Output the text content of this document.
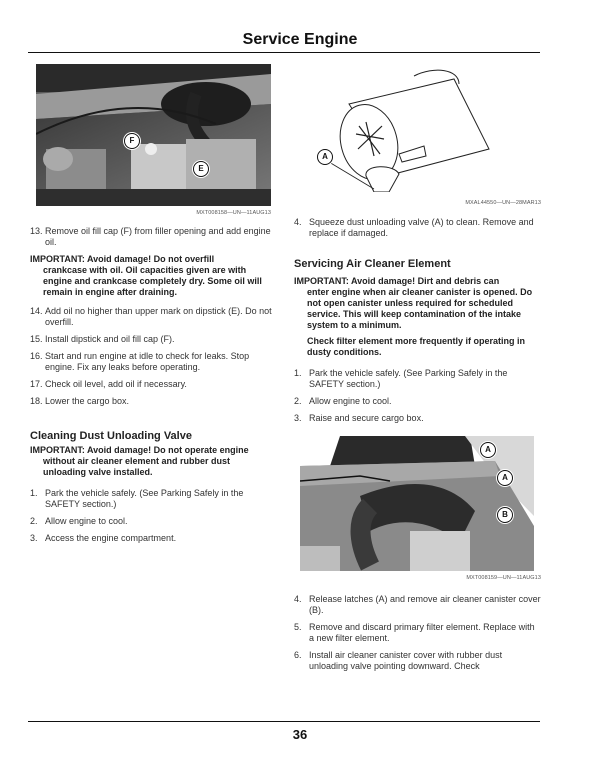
Service Engine
F
E
MXT008158—UN—11AUG13
13. Remove oil fill cap (F) from filler opening and add engine oil.
IMPORTANT: Avoid damage! Do not overfill
crankcase with oil. Oil capacities given are with engine and crankcase completely dry. Some oil will remain in engine after draining.
14. Add oil no higher than upper mark on dipstick (E). Do not overfill.
15. Install dipstick and oil fill cap (F).
16. Start and run engine at idle to check for leaks. Stop engine. Fix any leaks before operating.
17. Check oil level, add oil if necessary.
18. Lower the cargo box.
Cleaning Dust Unloading Valve
IMPORTANT: Avoid damage! Do not operate engine
without air cleaner element and rubber dust unloading valve installed.
1. Park the vehicle safely. (See Parking Safely in the SAFETY section.)
2. Allow engine to cool.
3. Access the engine compartment.
A
MXAL44550—UN—28MAR13
4. Squeeze dust unloading valve (A) to clean. Remove and replace if damaged.
Servicing Air Cleaner Element
IMPORTANT: Avoid damage! Dirt and debris can
enter engine when air cleaner canister is opened. Do not open canister unless required for scheduled service. This will keep contamination of the intake system to a minimum.
Check filter element more frequently if operating in dusty conditions.
1. Park the vehicle safely. (See Parking Safely in the SAFETY section.)
2. Allow engine to cool.
3. Raise and secure cargo box.
A
A
B
MXT008159—UN—11AUG13
4. Release latches (A) and remove air cleaner canister cover (B).
5. Remove and discard primary filter element. Replace with a new filter element.
6. Install air cleaner canister cover with rubber dust unloading valve pointing downward. Check
36
